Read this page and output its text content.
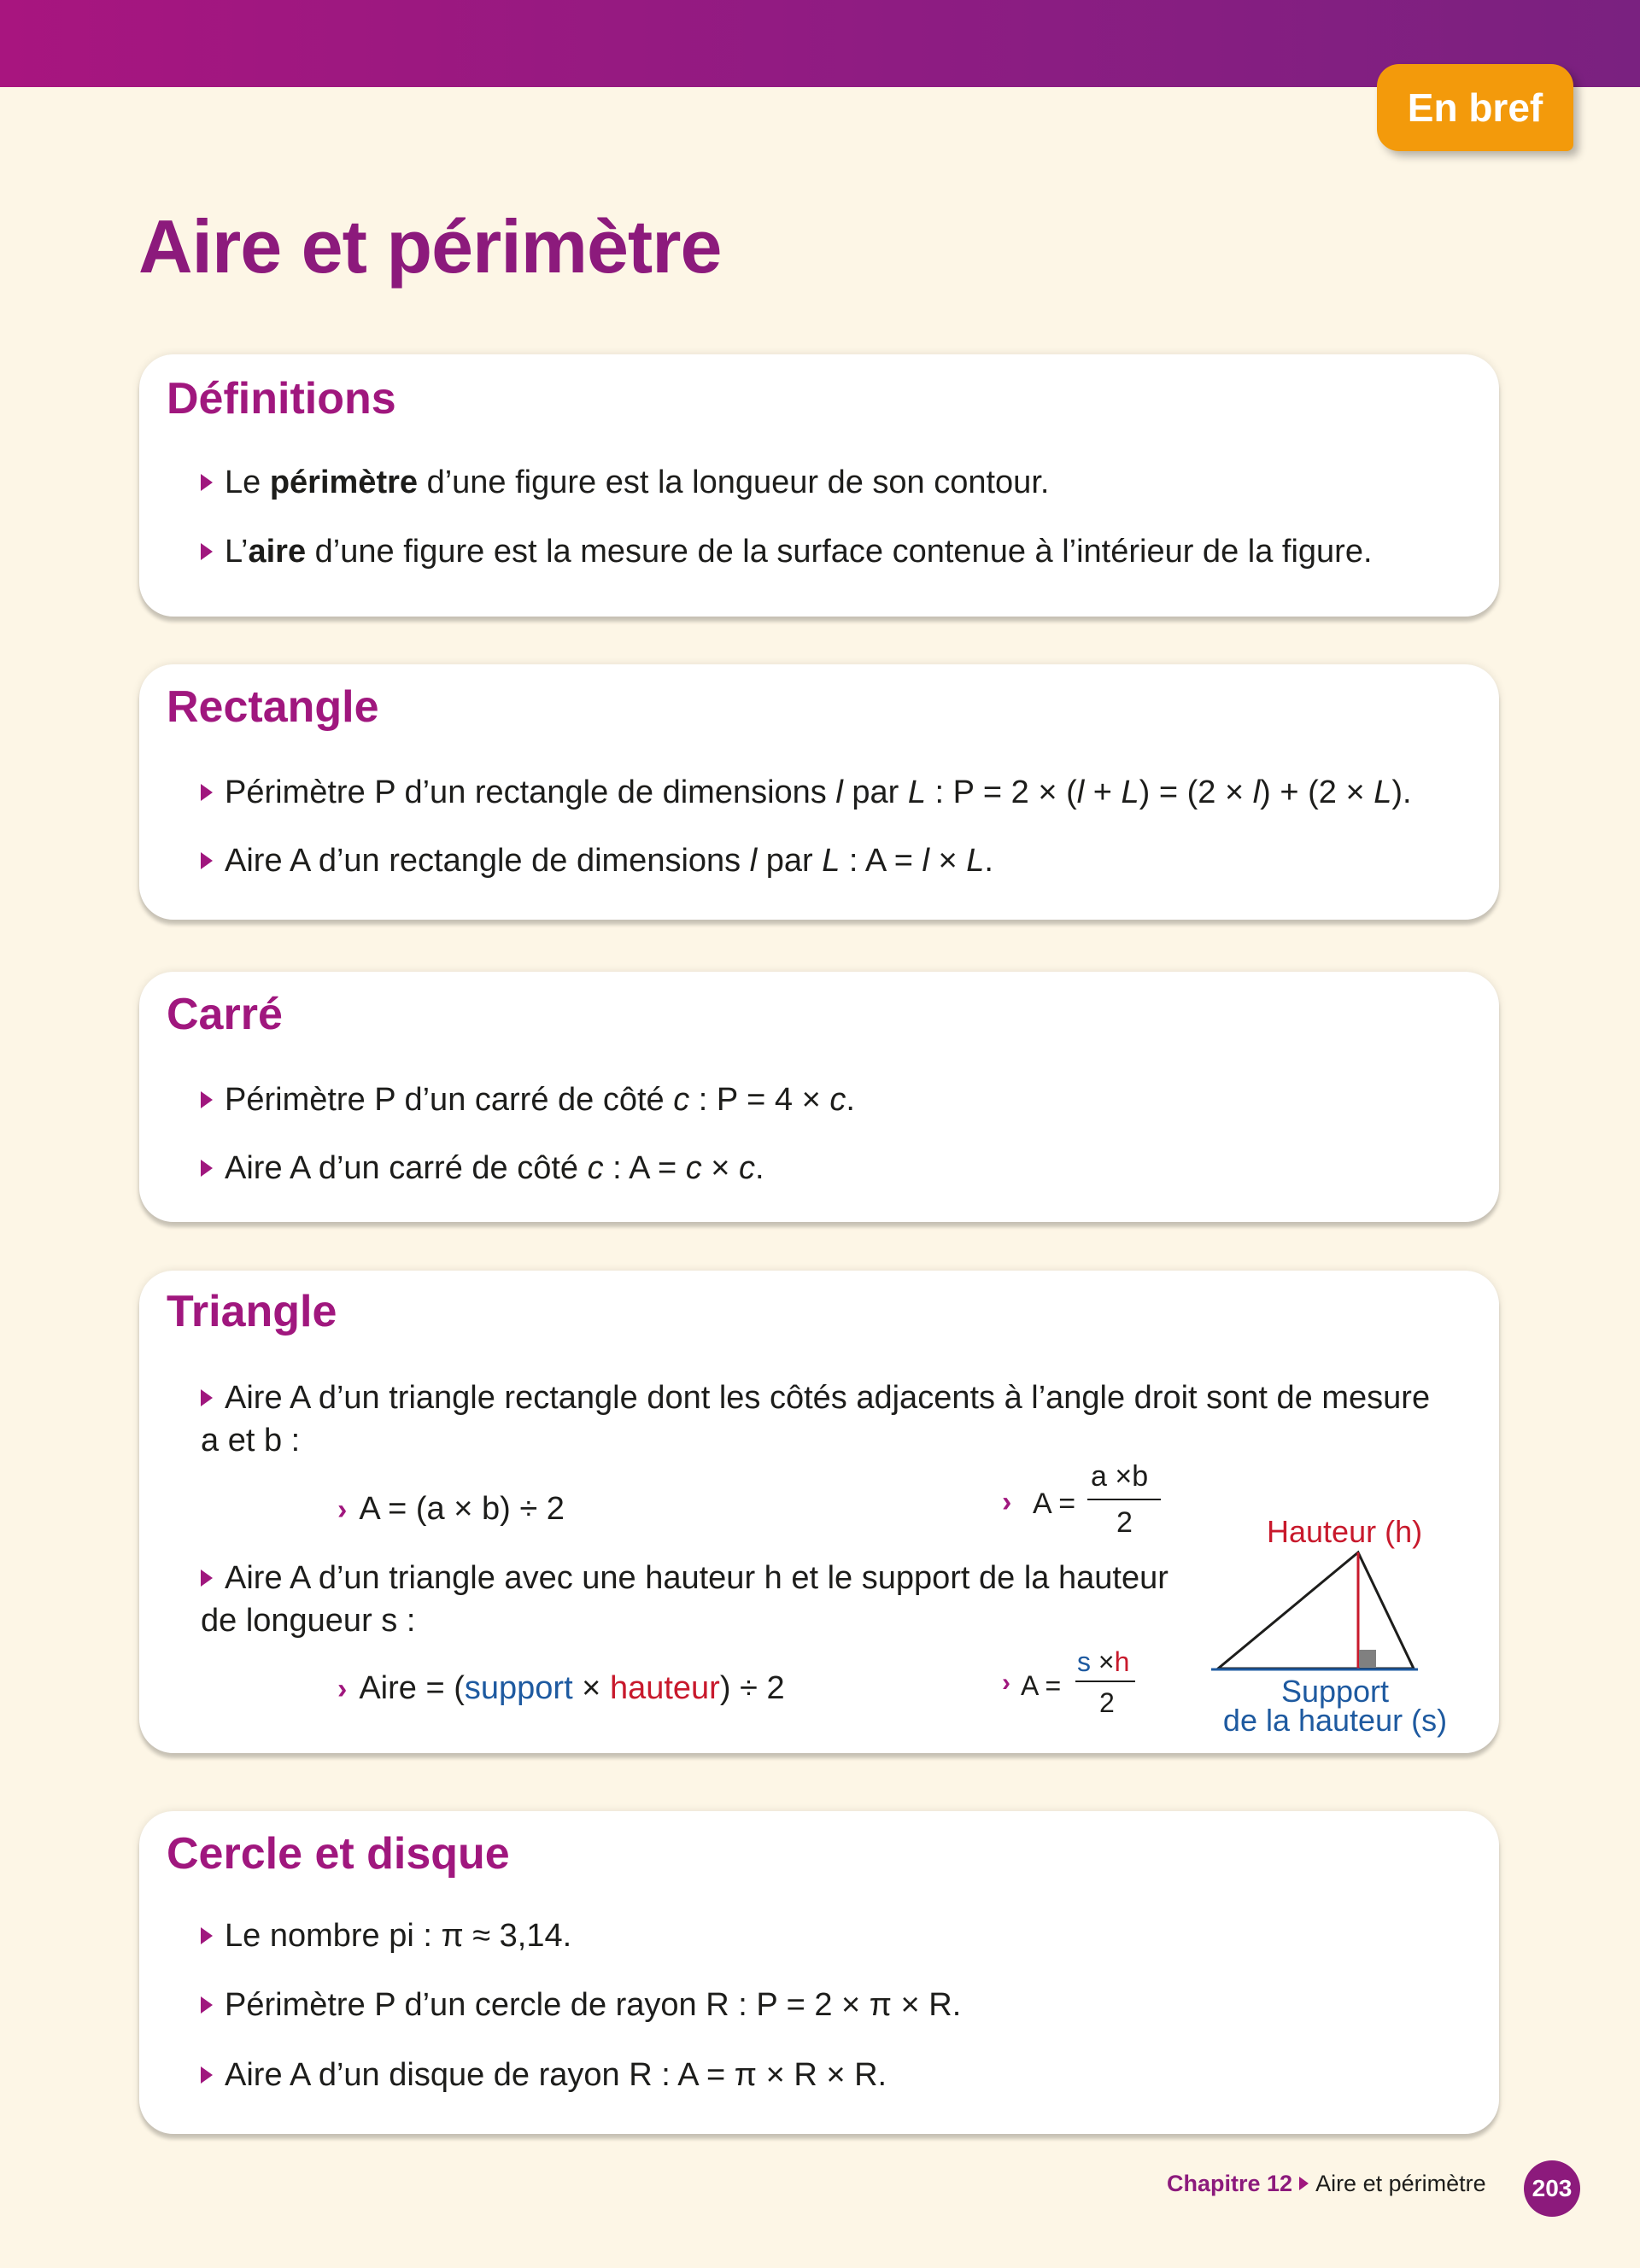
En bref
Aire et périmètre
Définitions
Le périmètre d’une figure est la longueur de son contour.
L’aire d’une figure est la mesure de la surface contenue à l’intérieur de la figure.
Rectangle
Périmètre P d’un rectangle de dimensions l par L : P = 2 × (l + L) = (2 × l) + (2 × L).
Aire A d’un rectangle de dimensions l par L : A = l × L.
Carré
Périmètre P d’un carré de côté c : P = 4 × c.
Aire A d’un carré de côté c : A = c × c.
Triangle
Aire A d’un triangle rectangle dont les côtés adjacents à l’angle droit sont de mesure
a et b :
› A = (a × b) ÷ 2	› A =
a ×b
2
Aire A d’un triangle avec une hauteur h et le support de la hauteur
de longueur s :
› Aire = (support × hauteur) ÷ 2	› A =
s ×h
2
Hauteur (h)
Support
de la hauteur (s)
Cercle et disque
Le nombre pi : π ≈ 3,14.
Périmètre P d’un cercle de rayon R : P = 2 × π × R.
Aire A d’un disque de rayon R : A = π × R × R.
Chapitre 12 Aire et périmètre	203
